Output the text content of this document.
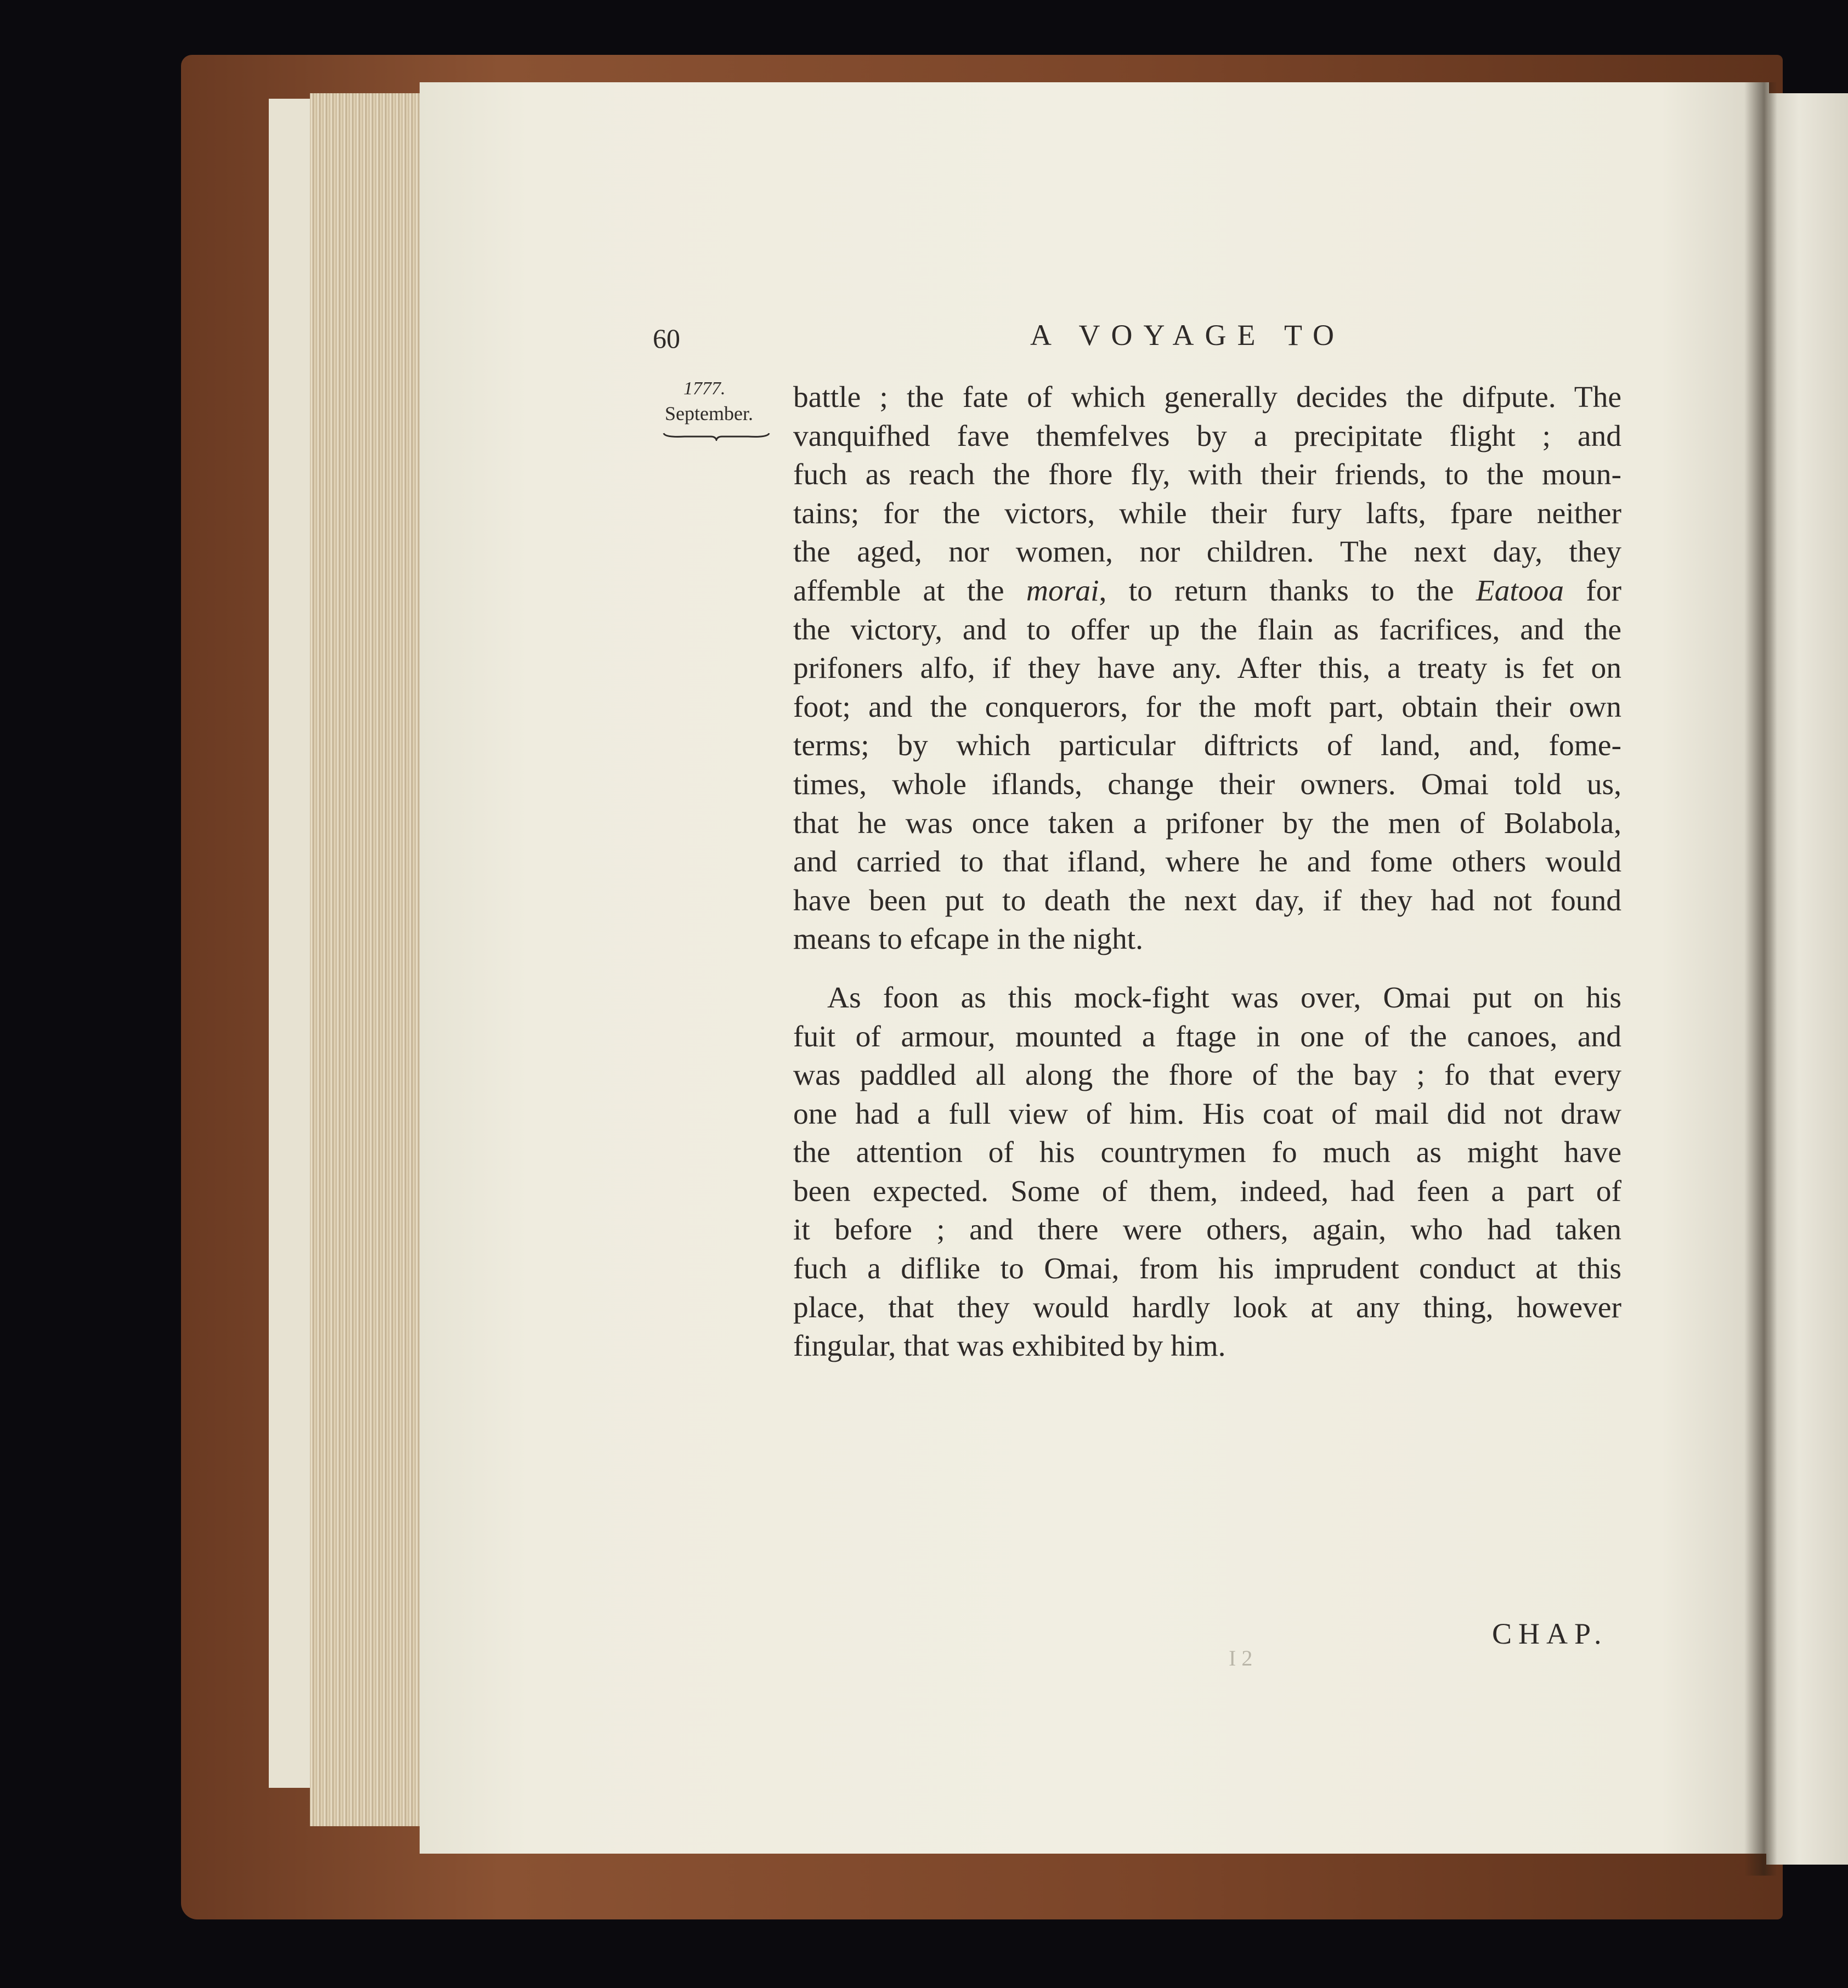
60	A VOYAGE TO
1777.
September. battle ; the fate of which generally decides the difpute. The
vanquifhed fave themfelves by a precipitate flight ; and
fuch as reach the fhore fly, with their friends, to the moun-
tains; for the victors, while their fury lafts, fpare neither
the aged, nor women, nor children. The next day, they
affemble at the morai, to return thanks to the Eatooa for
the victory, and to offer up the flain as facrifices, and the
prifoners alfo, if they have any. After this, a treaty is fet on
foot; and the conquerors, for the moft part, obtain their own
terms; by which particular diftricts of land, and, fome-
times, whole iflands, change their owners. Omai told us,
that he was once taken a prifoner by the men of Bolabola,
and carried to that ifland, where he and fome others would
have been put to death the next day, if they had not found
means to efcape in the night.
As foon as this mock-fight was over, Omai put on his
fuit of armour, mounted a ftage in one of the canoes, and
was paddled all along the fhore of the bay ; fo that every
one had a full view of him. His coat of mail did not draw
the attention of his countrymen fo much as might have
been expected. Some of them, indeed, had feen a part of
it before ; and there were others, again, who had taken
fuch a diflike to Omai, from his imprudent conduct at this
place, that they would hardly look at any thing, however
fingular, that was exhibited by him.
CHAP.
I 2
